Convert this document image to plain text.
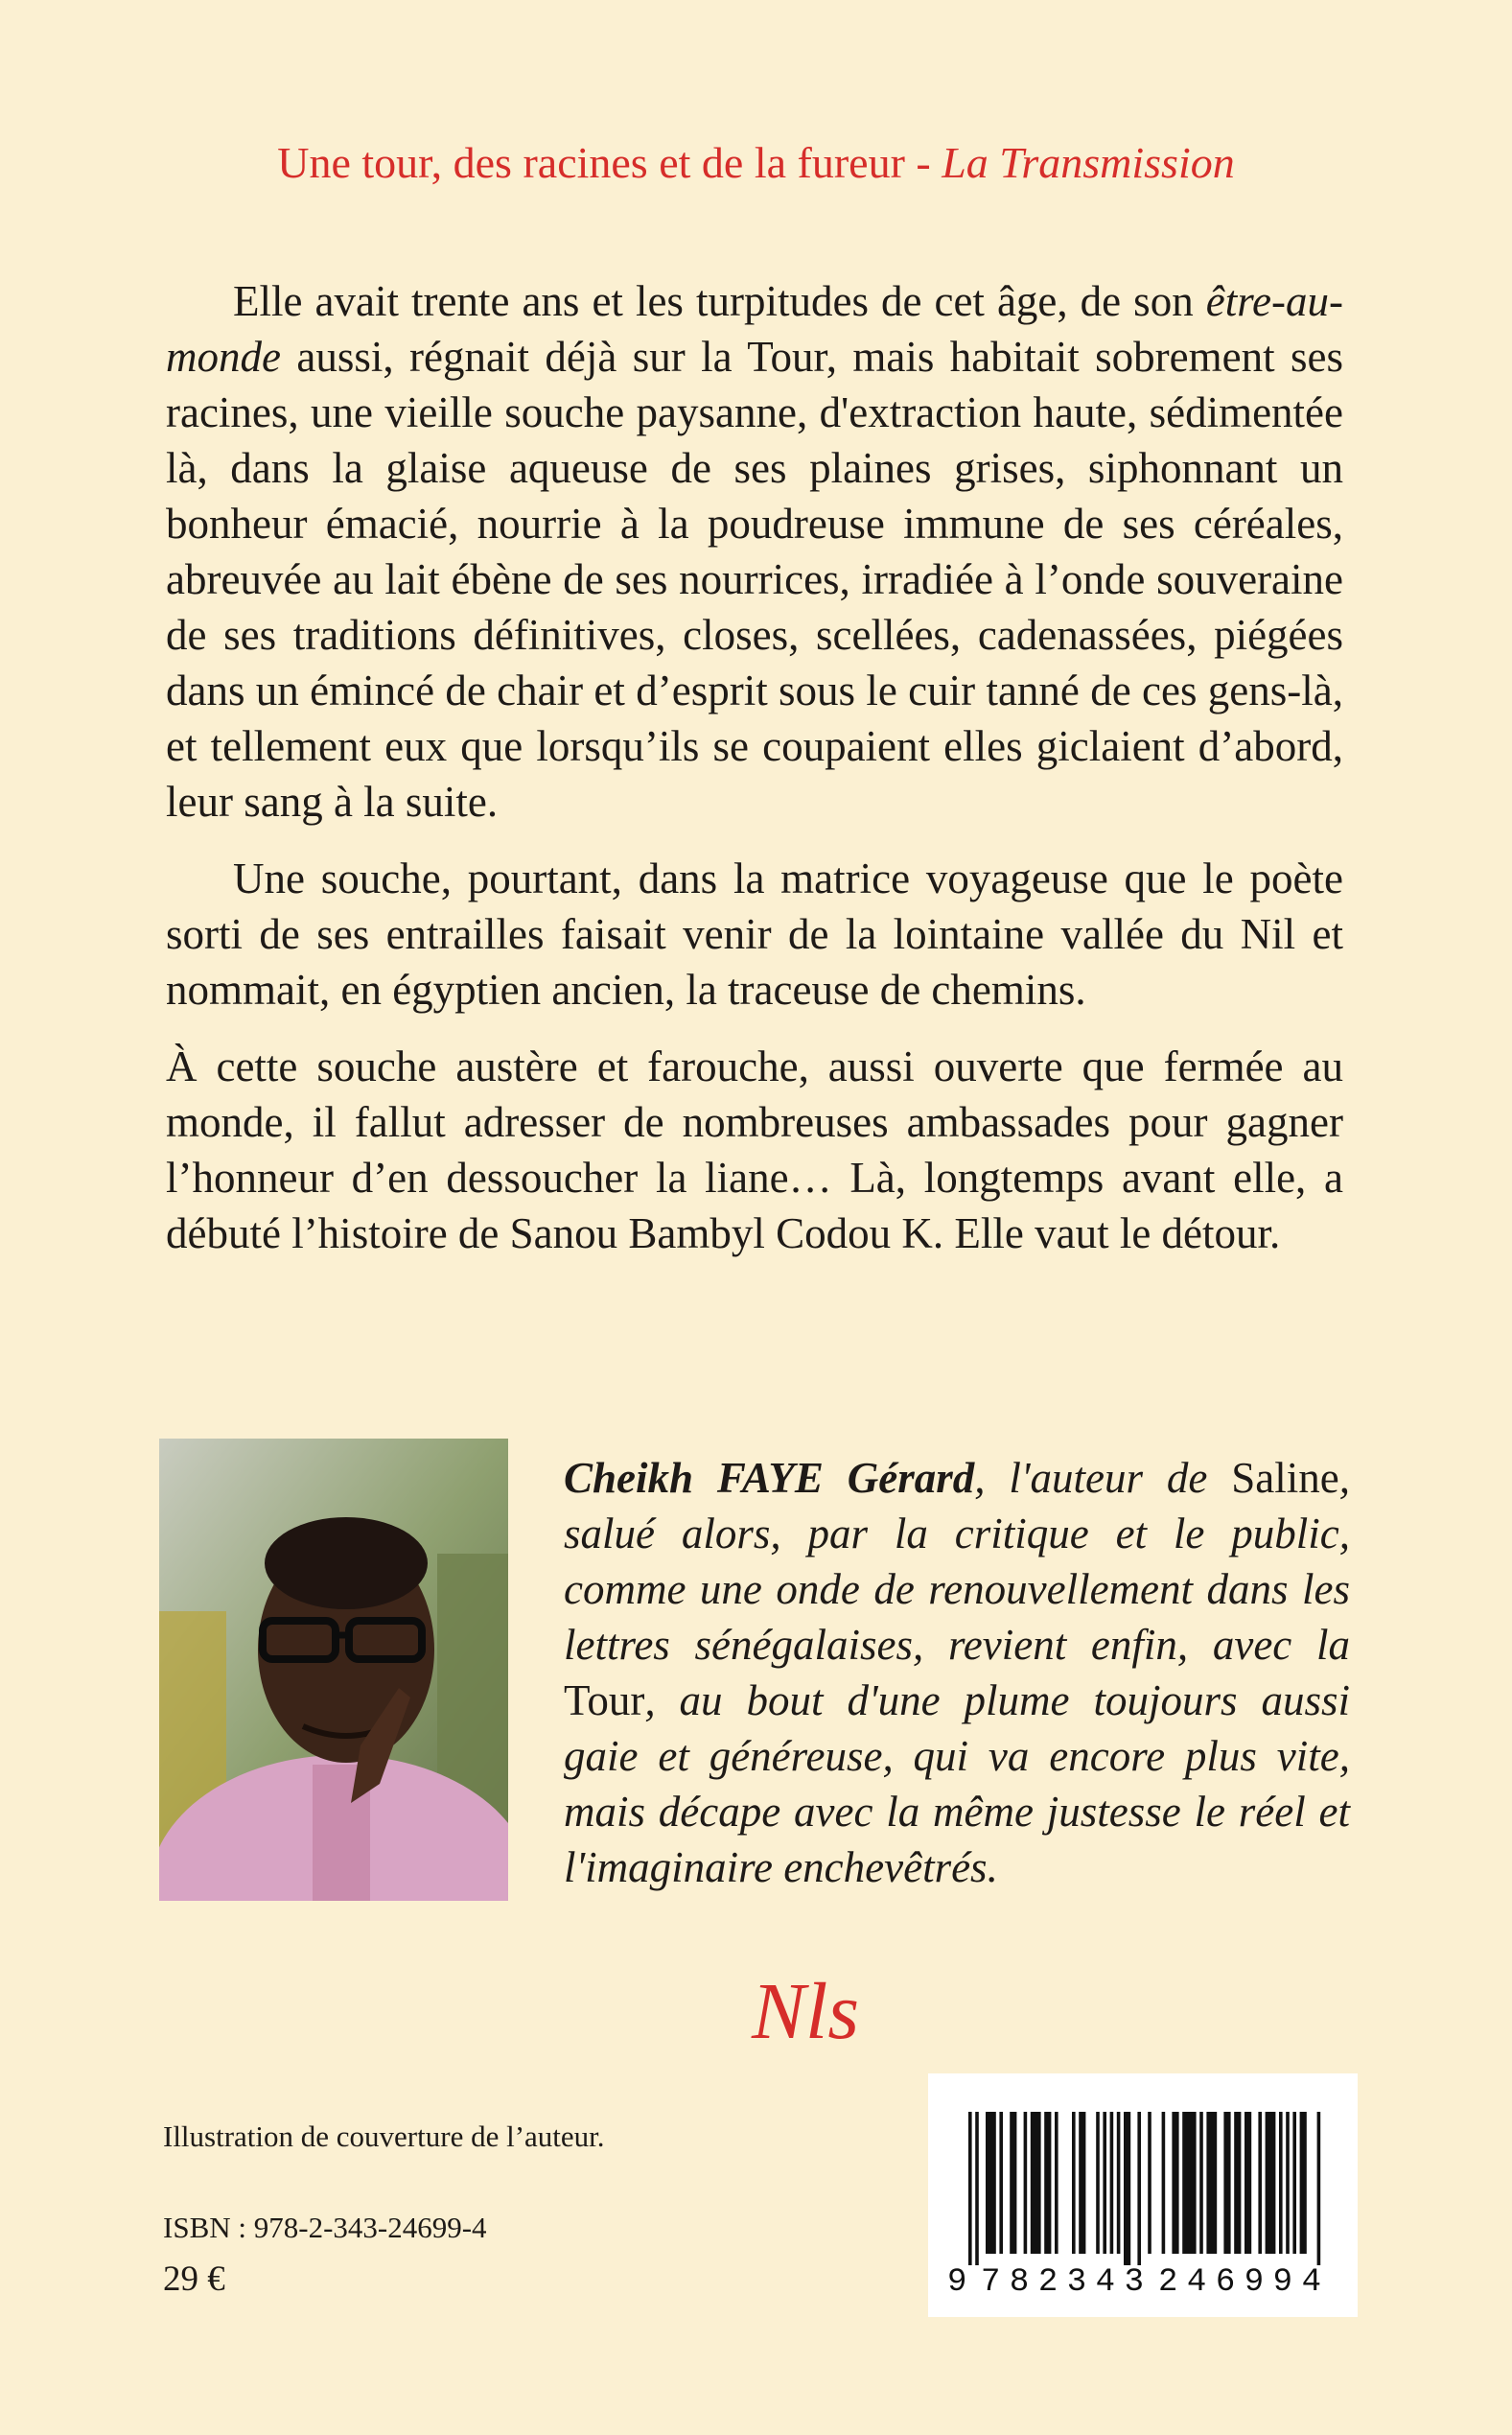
Une tour, des racines et de la fureur - La Transmission

Elle avait trente ans et les turpitudes de cet âge, de son être-au-monde aussi, régnait déjà sur la Tour, mais habitait sobrement ses racines, une vieille souche paysanne, d'extraction haute, sédimentée là, dans la glaise aqueuse de ses plaines grises, siphonnant un bonheur émacié, nourrie à la poudreuse immune de ses céréales, abreuvée au lait ébène de ses nourrices, irradiée à l’onde souveraine de ses traditions définitives, closes, scellées, cadenassées, piégées dans un émincé de chair et d’esprit sous le cuir tanné de ces gens-là, et tellement eux que lorsqu’ils se coupaient elles giclaient d’abord, leur sang à la suite.

Une souche, pourtant, dans la matrice voyageuse que le poète sorti de ses entrailles faisait venir de la lointaine vallée du Nil et nommait, en égyptien ancien, la traceuse de chemins.

À cette souche austère et farouche, aussi ouverte que fermée au monde, il fallut adresser de nombreuses ambassades pour gagner l’honneur d’en dessoucher la liane… Là, longtemps avant elle, a débuté l’histoire de Sanou Bambyl Codou K. Elle vaut le détour.

Cheikh FAYE Gérard, l'auteur de Saline, salué alors, par la critique et le public, comme une onde de renouvellement dans les lettres sénégalaises, revient enfin, avec la Tour, au bout d'une plume toujours aussi gaie et généreuse, qui va encore plus vite, mais décape avec la même justesse le réel et l'imaginaire enchevêtrés.
Nls
Illustration de couverture de l’auteur.
ISBN : 978-2-343-24699-4
29 €	9 782343 246994
